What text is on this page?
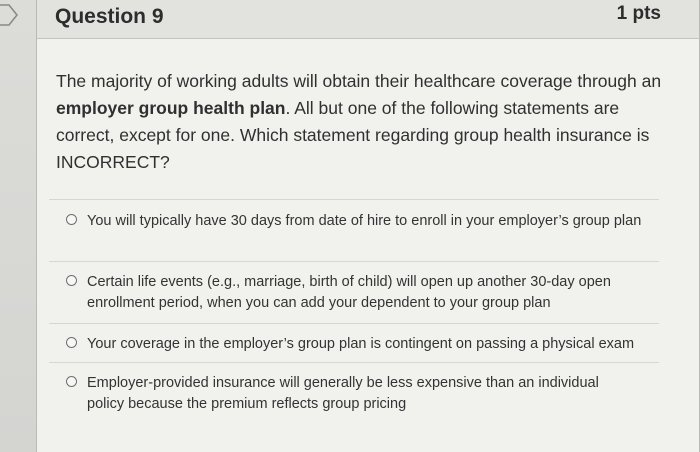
Question 9	1 pts
The majority of working adults will obtain their healthcare coverage through an employer group health plan. All but one of the following statements are correct, except for one. Which statement regarding group health insurance is INCORRECT?
You will typically have 30 days from date of hire to enroll in your employer’s group plan
Certain life events (e.g., marriage, birth of child) will open up another 30-day open enrollment period, when you can add your dependent to your group plan
Your coverage in the employer’s group plan is contingent on passing a physical exam
Employer-provided insurance will generally be less expensive than an individual policy because the premium reflects group pricing
